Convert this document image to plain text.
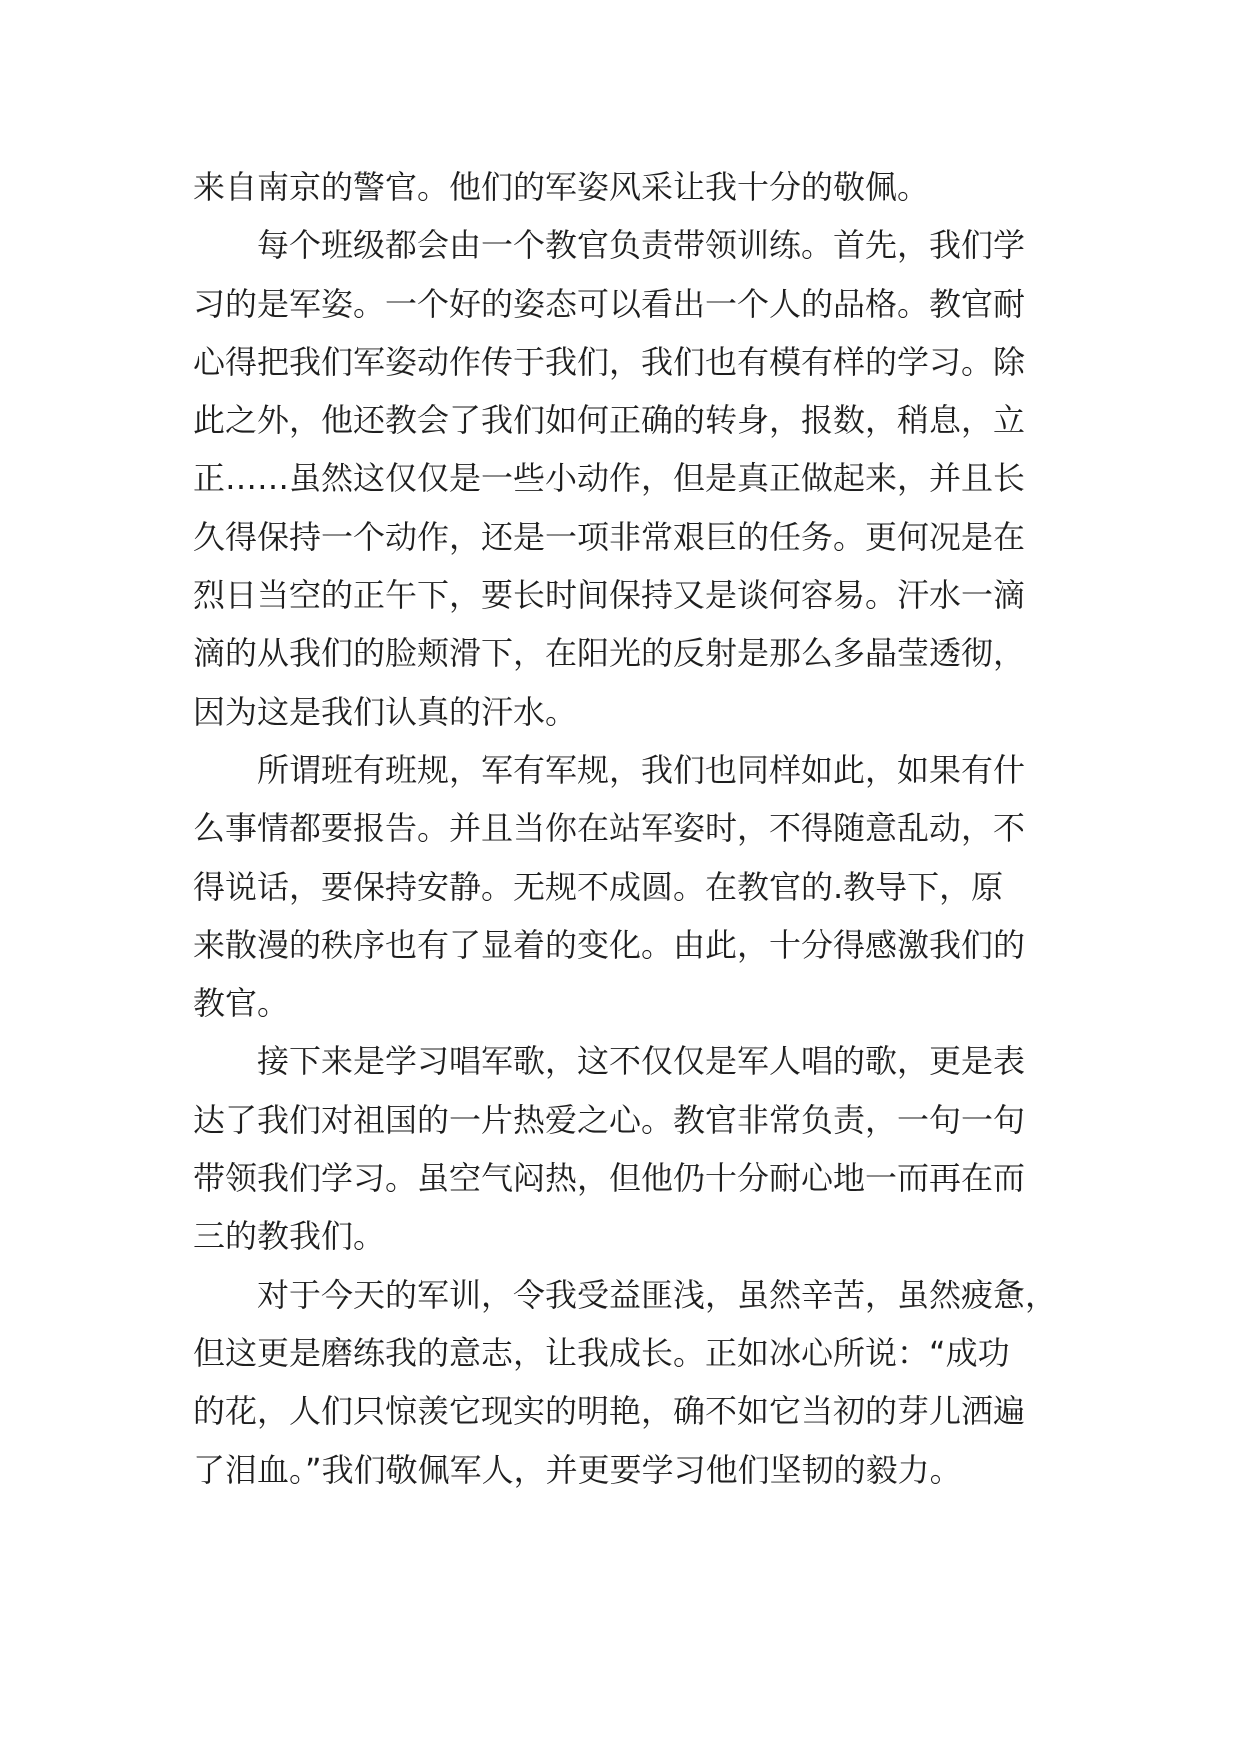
来自南京的警官。他们的军姿风采让我十分的敬佩。
每个班级都会由一个教官负责带领训练。首先，我们学
习的是军姿。一个好的姿态可以看出一个人的品格。教官耐
心得把我们军姿动作传于我们，我们也有模有样的学习。除
此之外，他还教会了我们如何正确的转身，报数，稍息，立
正……虽然这仅仅是一些小动作，但是真正做起来，并且长
久得保持一个动作，还是一项非常艰巨的任务。更何况是在
烈日当空的正午下，要长时间保持又是谈何容易。汗水一滴
滴的从我们的脸颊滑下，在阳光的反射是那么多晶莹透彻，
因为这是我们认真的汗水。
所谓班有班规，军有军规，我们也同样如此，如果有什
么事情都要报告。并且当你在站军姿时，不得随意乱动，不
得说话，要保持安静。无规不成圆。在教官的.教导下，原
来散漫的秩序也有了显着的变化。由此，十分得感激我们的
教官。
接下来是学习唱军歌，这不仅仅是军人唱的歌，更是表
达了我们对祖国的一片热爱之心。教官非常负责，一句一句
带领我们学习。虽空气闷热，但他仍十分耐心地一而再在而
三的教我们。
对于今天的军训，令我受益匪浅，虽然辛苦，虽然疲惫，
但这更是磨练我的意志，让我成长。正如冰心所说：“成功
的花，人们只惊羡它现实的明艳，确不如它当初的芽儿洒遍
了泪血。”我们敬佩军人，并更要学习他们坚韧的毅力。
